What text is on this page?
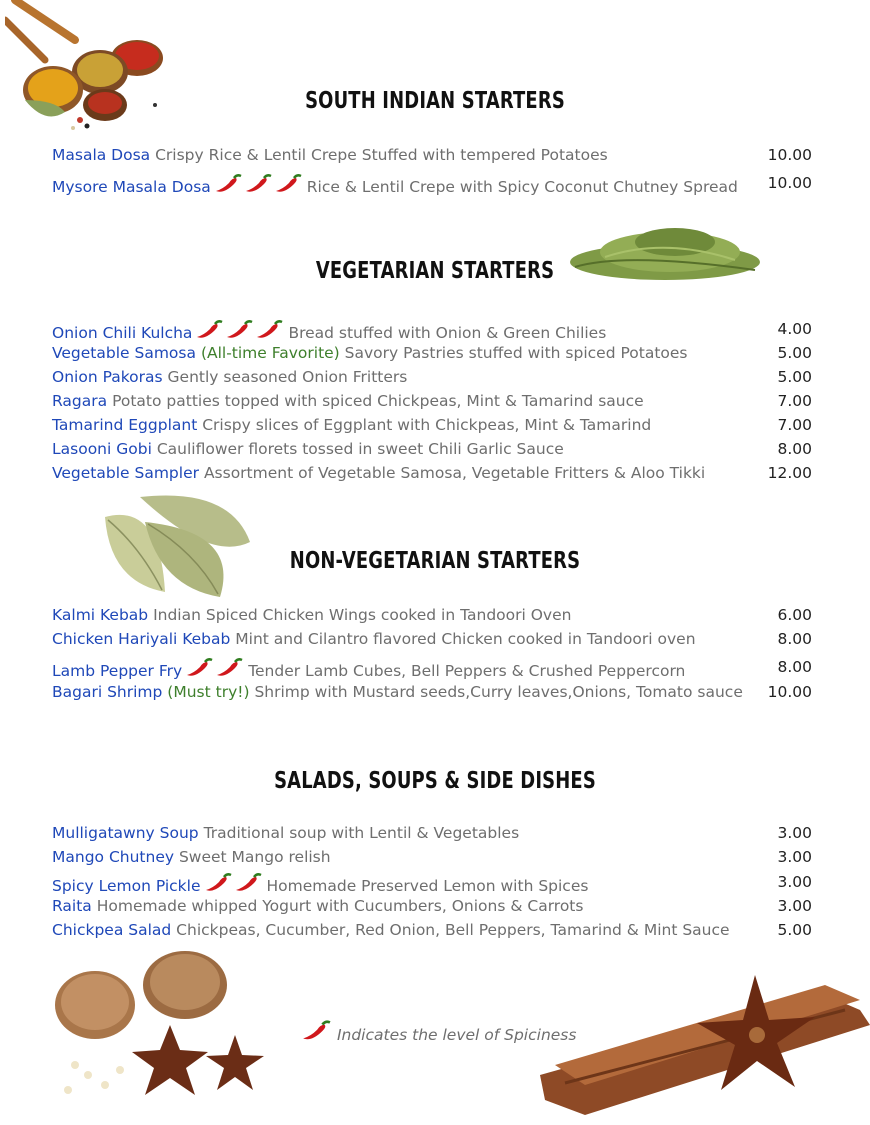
SOUTH INDIAN STARTERS
Masala Dosa Crispy Rice & Lentil Crepe Stuffed with tempered Potatoes	10.00
Mysore Masala Dosa	Rice & Lentil Crepe with Spicy Coconut Chutney Spread 10.00
VEGETARIAN STARTERS
Onion Chili Kulcha	Bread stuffed with Onion & Green Chilies	4.00
Vegetable Samosa (All-time Favorite) Savory Pastries stuffed with spiced Potatoes	5.00
Onion Pakoras Gently seasoned Onion Fritters	5.00
Ragara Potato patties topped with spiced Chickpeas, Mint & Tamarind sauce	7.00
Tamarind Eggplant Crispy slices of Eggplant with Chickpeas, Mint & Tamarind	7.00
Lasooni Gobi Cauliflower florets tossed in sweet Chili Garlic Sauce	8.00
Vegetable Sampler Assortment of Vegetable Samosa, Vegetable Fritters & Aloo Tikki	12.00
NON-VEGETARIAN STARTERS
Kalmi Kebab Indian Spiced Chicken Wings cooked in Tandoori Oven	6.00
Chicken Hariyali Kebab Mint and Cilantro flavored Chicken cooked in Tandoori oven	8.00
Lamb Pepper Fry	Tender Lamb Cubes, Bell Peppers & Crushed Peppercorn	8.00
Bagari Shrimp (Must try!) Shrimp with Mustard seeds,Curry leaves,Onions, Tomato sauce 10.00
SALADS, SOUPS & SIDE DISHES
Mulligatawny Soup Traditional soup with Lentil & Vegetables	3.00
Mango Chutney Sweet Mango relish	3.00
Spicy Lemon Pickle	Homemade Preserved Lemon with Spices	3.00
Raita Homemade whipped Yogurt with Cucumbers, Onions & Carrots	3.00
Chickpea Salad Chickpeas, Cucumber, Red Onion, Bell Peppers, Tamarind & Mint Sauce	5.00
Indicates the level of Spiciness
